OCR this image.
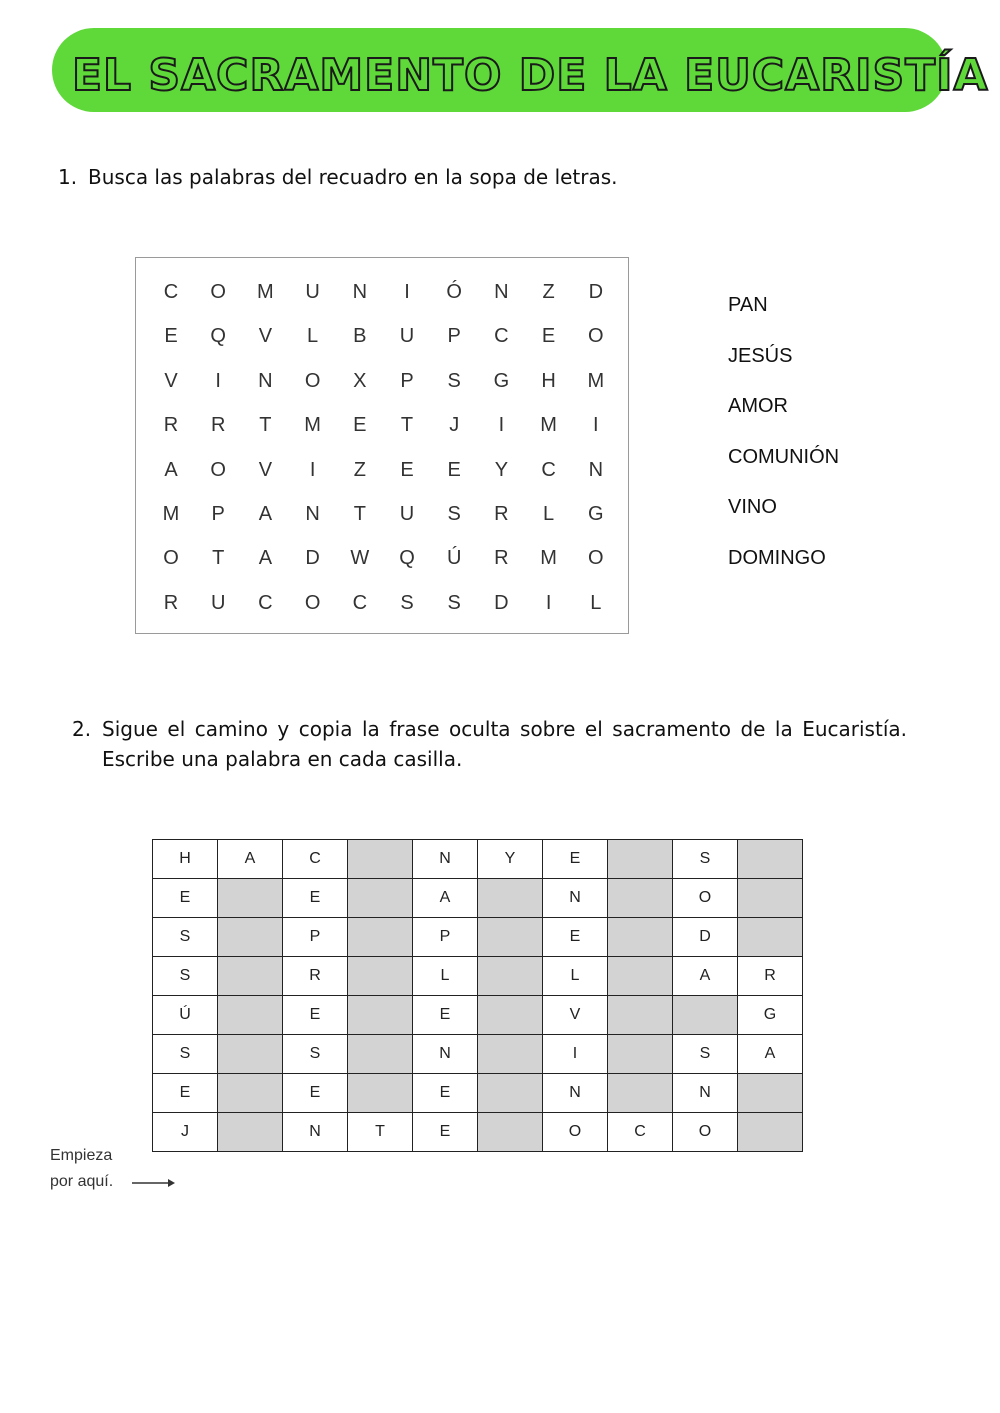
EL SACRAMENTO DE LA EUCARISTÍA
1. Busca las palabras del recuadro en la sopa de letras.
C	O	M	U	N	I	Ó	N	Z	D
E	Q	V	L	B	U	P	C	E	O
V	I	N	O	X	P	S	G	H	M
R	R	T	M	E	T	J	I	M	I
A	O	V	I	Z	E	E	Y	C	N
M	P	A	N	T	U	S	R	L	G
O	T	A	D	W	Q	Ú	R	M	O
R	U	C	O	C	S	S	D	I	L
PAN
JESÚS
AMOR
COMUNIÓN
VINO
DOMINGO
2. Sigue el camino y copia la frase oculta sobre el sacramento de la Eucaristía. Escribe una palabra en cada casilla.
H	A	C		N	Y	E		S	
E		E		A		N		O	
S		P		P		E		D	
S		R		L		L		A	R
Ú		E		E		V			G
S		S		N		I		S	A
E		E		E		N		N	
J		N	T	E		O	C	O	
Empieza
por aquí.
